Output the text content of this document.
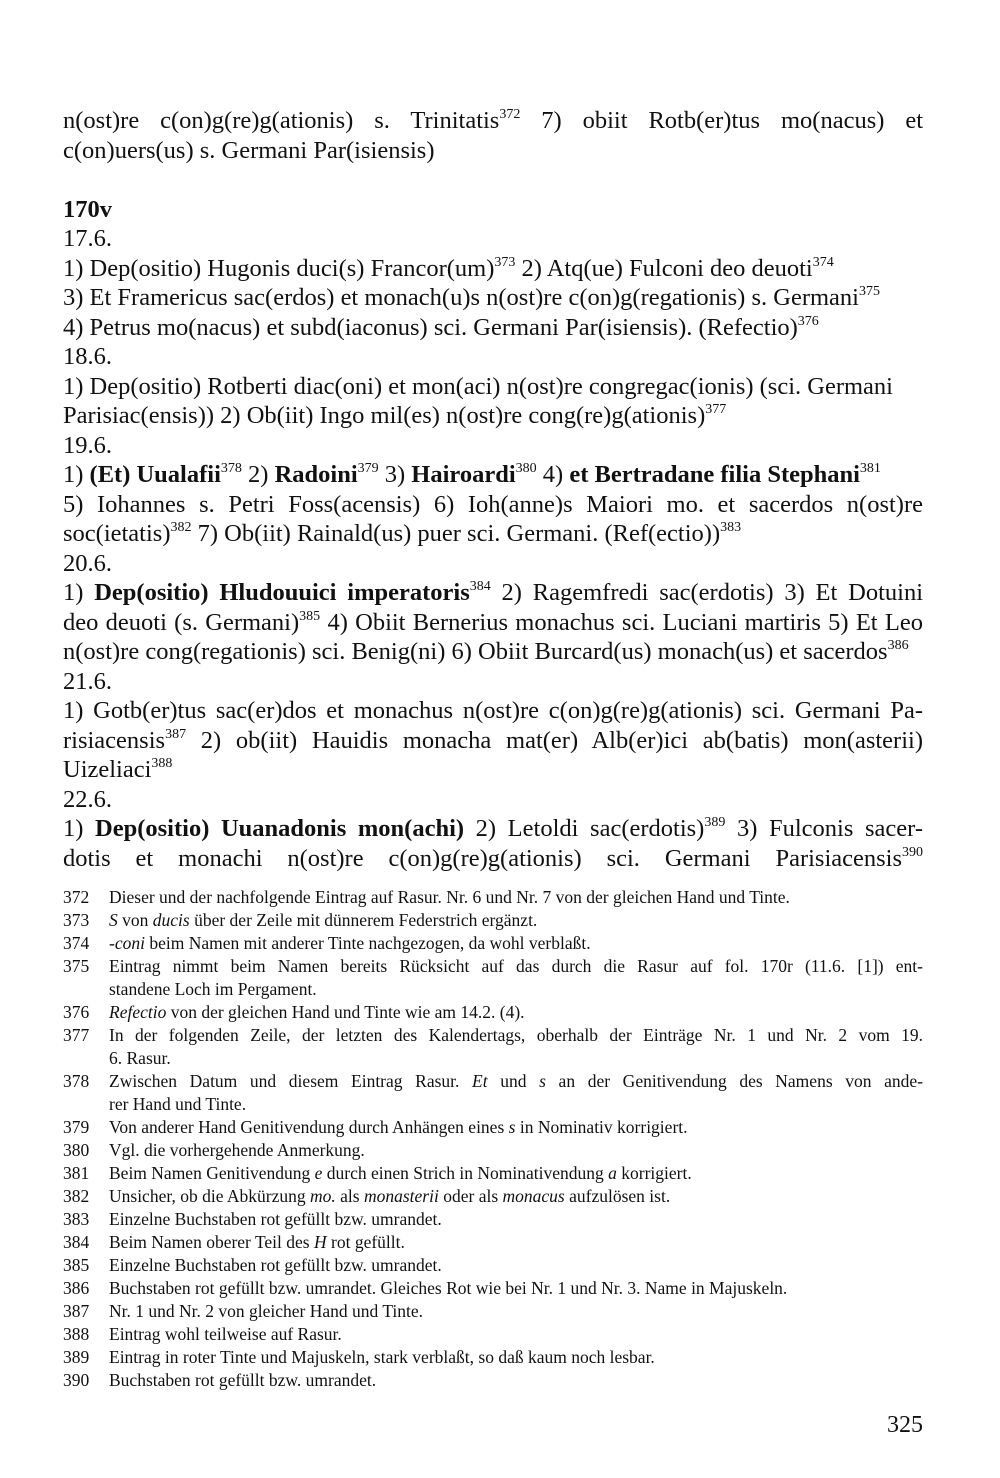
n(ost)re c(on)g(re)g(ationis) s. Trinitatis$^{372}$ 7) obiit Rotb(er)tus mo(nacus) et
c(on)uers(us) s. Germani Par(isiensis)
170v
17.6.
1) Dep(ositio) Hugonis duci(s) Francor(um)$^{373}$ 2) Atq(ue) Fulconi deo deuoti$^{374}$
3) Et Framericus sac(erdos) et monach(u)s n(ost)re c(on)g(regationis) s. Germani$^{375}$
4) Petrus mo(nacus) et subd(iaconus) sci. Germani Par(isiensis). (Refectio)$^{376}$
18.6.
1) Dep(ositio) Rotberti diac(oni) et mon(aci) n(ost)re congregac(ionis) (sci. Germani
Parisiac(ensis)) 2) Ob(iit) Ingo mil(es) n(ost)re cong(re)g(ationis)$^{377}$
19.6.
1) (Et) Uualafii$^{378}$ 2) Radoini$^{379}$ 3) Hairoardi$^{380}$ 4) et Bertradane filia Stephani$^{381}$
5) Iohannes s. Petri Foss(acensis) 6) Ioh(anne)s Maiori mo. et sacerdos n(ost)re
soc(ietatis)$^{382}$ 7) Ob(iit) Rainald(us) puer sci. Germani. (Ref(ectio))$^{383}$
20.6.
1) Dep(ositio) Hludouuici imperatoris$^{384}$ 2) Ragemfredi sac(erdotis) 3) Et Dotuini
deo deuoti (s. Germani)$^{385}$ 4) Obiit Bernerius monachus sci. Luciani martiris 5) Et Leo
n(ost)re cong(regationis) sci. Benig(ni) 6) Obiit Burcard(us) monach(us) et sacerdos$^{386}$
21.6.
1) Gotb(er)tus sac(er)dos et monachus n(ost)re c(on)g(re)g(ationis) sci. Germani Pa-
risiacensis$^{387}$ 2) ob(iit) Hauidis monacha mat(er) Alb(er)ici ab(batis) mon(asterii)
Uizeliaci$^{388}$
22.6.
1) Dep(ositio) Uuanadonis mon(achi) 2) Letoldi sac(erdotis)$^{389}$ 3) Fulconis sacer-
dotis et monachi n(ost)re c(on)g(re)g(ationis) sci. Germani Parisiacensis$^{390}$
372	Dieser und der nachfolgende Eintrag auf Rasur. Nr. 6 und Nr. 7 von der gleichen Hand und Tinte.
373	S von ducis über der Zeile mit dünnerem Federstrich ergänzt.
374	-coni beim Namen mit anderer Tinte nachgezogen, da wohl verblaßt.
375	Eintrag nimmt beim Namen bereits Rücksicht auf das durch die Rasur auf fol. 170r (11.6. [1]) ent-
standene Loch im Pergament.
376	Refectio von der gleichen Hand und Tinte wie am 14.2. (4).
377	In der folgenden Zeile, der letzten des Kalendertags, oberhalb der Einträge Nr. 1 und Nr. 2 vom 19.
6. Rasur.
378	Zwischen Datum und diesem Eintrag Rasur. Et und s an der Genitivendung des Namens von ande-
rer Hand und Tinte.
379	Von anderer Hand Genitivendung durch Anhängen eines s in Nominativ korrigiert.
380	Vgl. die vorhergehende Anmerkung.
381	Beim Namen Genitivendung e durch einen Strich in Nominativendung a korrigiert.
382	Unsicher, ob die Abkürzung mo. als monasterii oder als monacus aufzulösen ist.
383	Einzelne Buchstaben rot gefüllt bzw. umrandet.
384	Beim Namen oberer Teil des H rot gefüllt.
385	Einzelne Buchstaben rot gefüllt bzw. umrandet.
386	Buchstaben rot gefüllt bzw. umrandet. Gleiches Rot wie bei Nr. 1 und Nr. 3. Name in Majuskeln.
387	Nr. 1 und Nr. 2 von gleicher Hand und Tinte.
388	Eintrag wohl teilweise auf Rasur.
389	Eintrag in roter Tinte und Majuskeln, stark verblaßt, so daß kaum noch lesbar.
390	Buchstaben rot gefüllt bzw. umrandet.
325
